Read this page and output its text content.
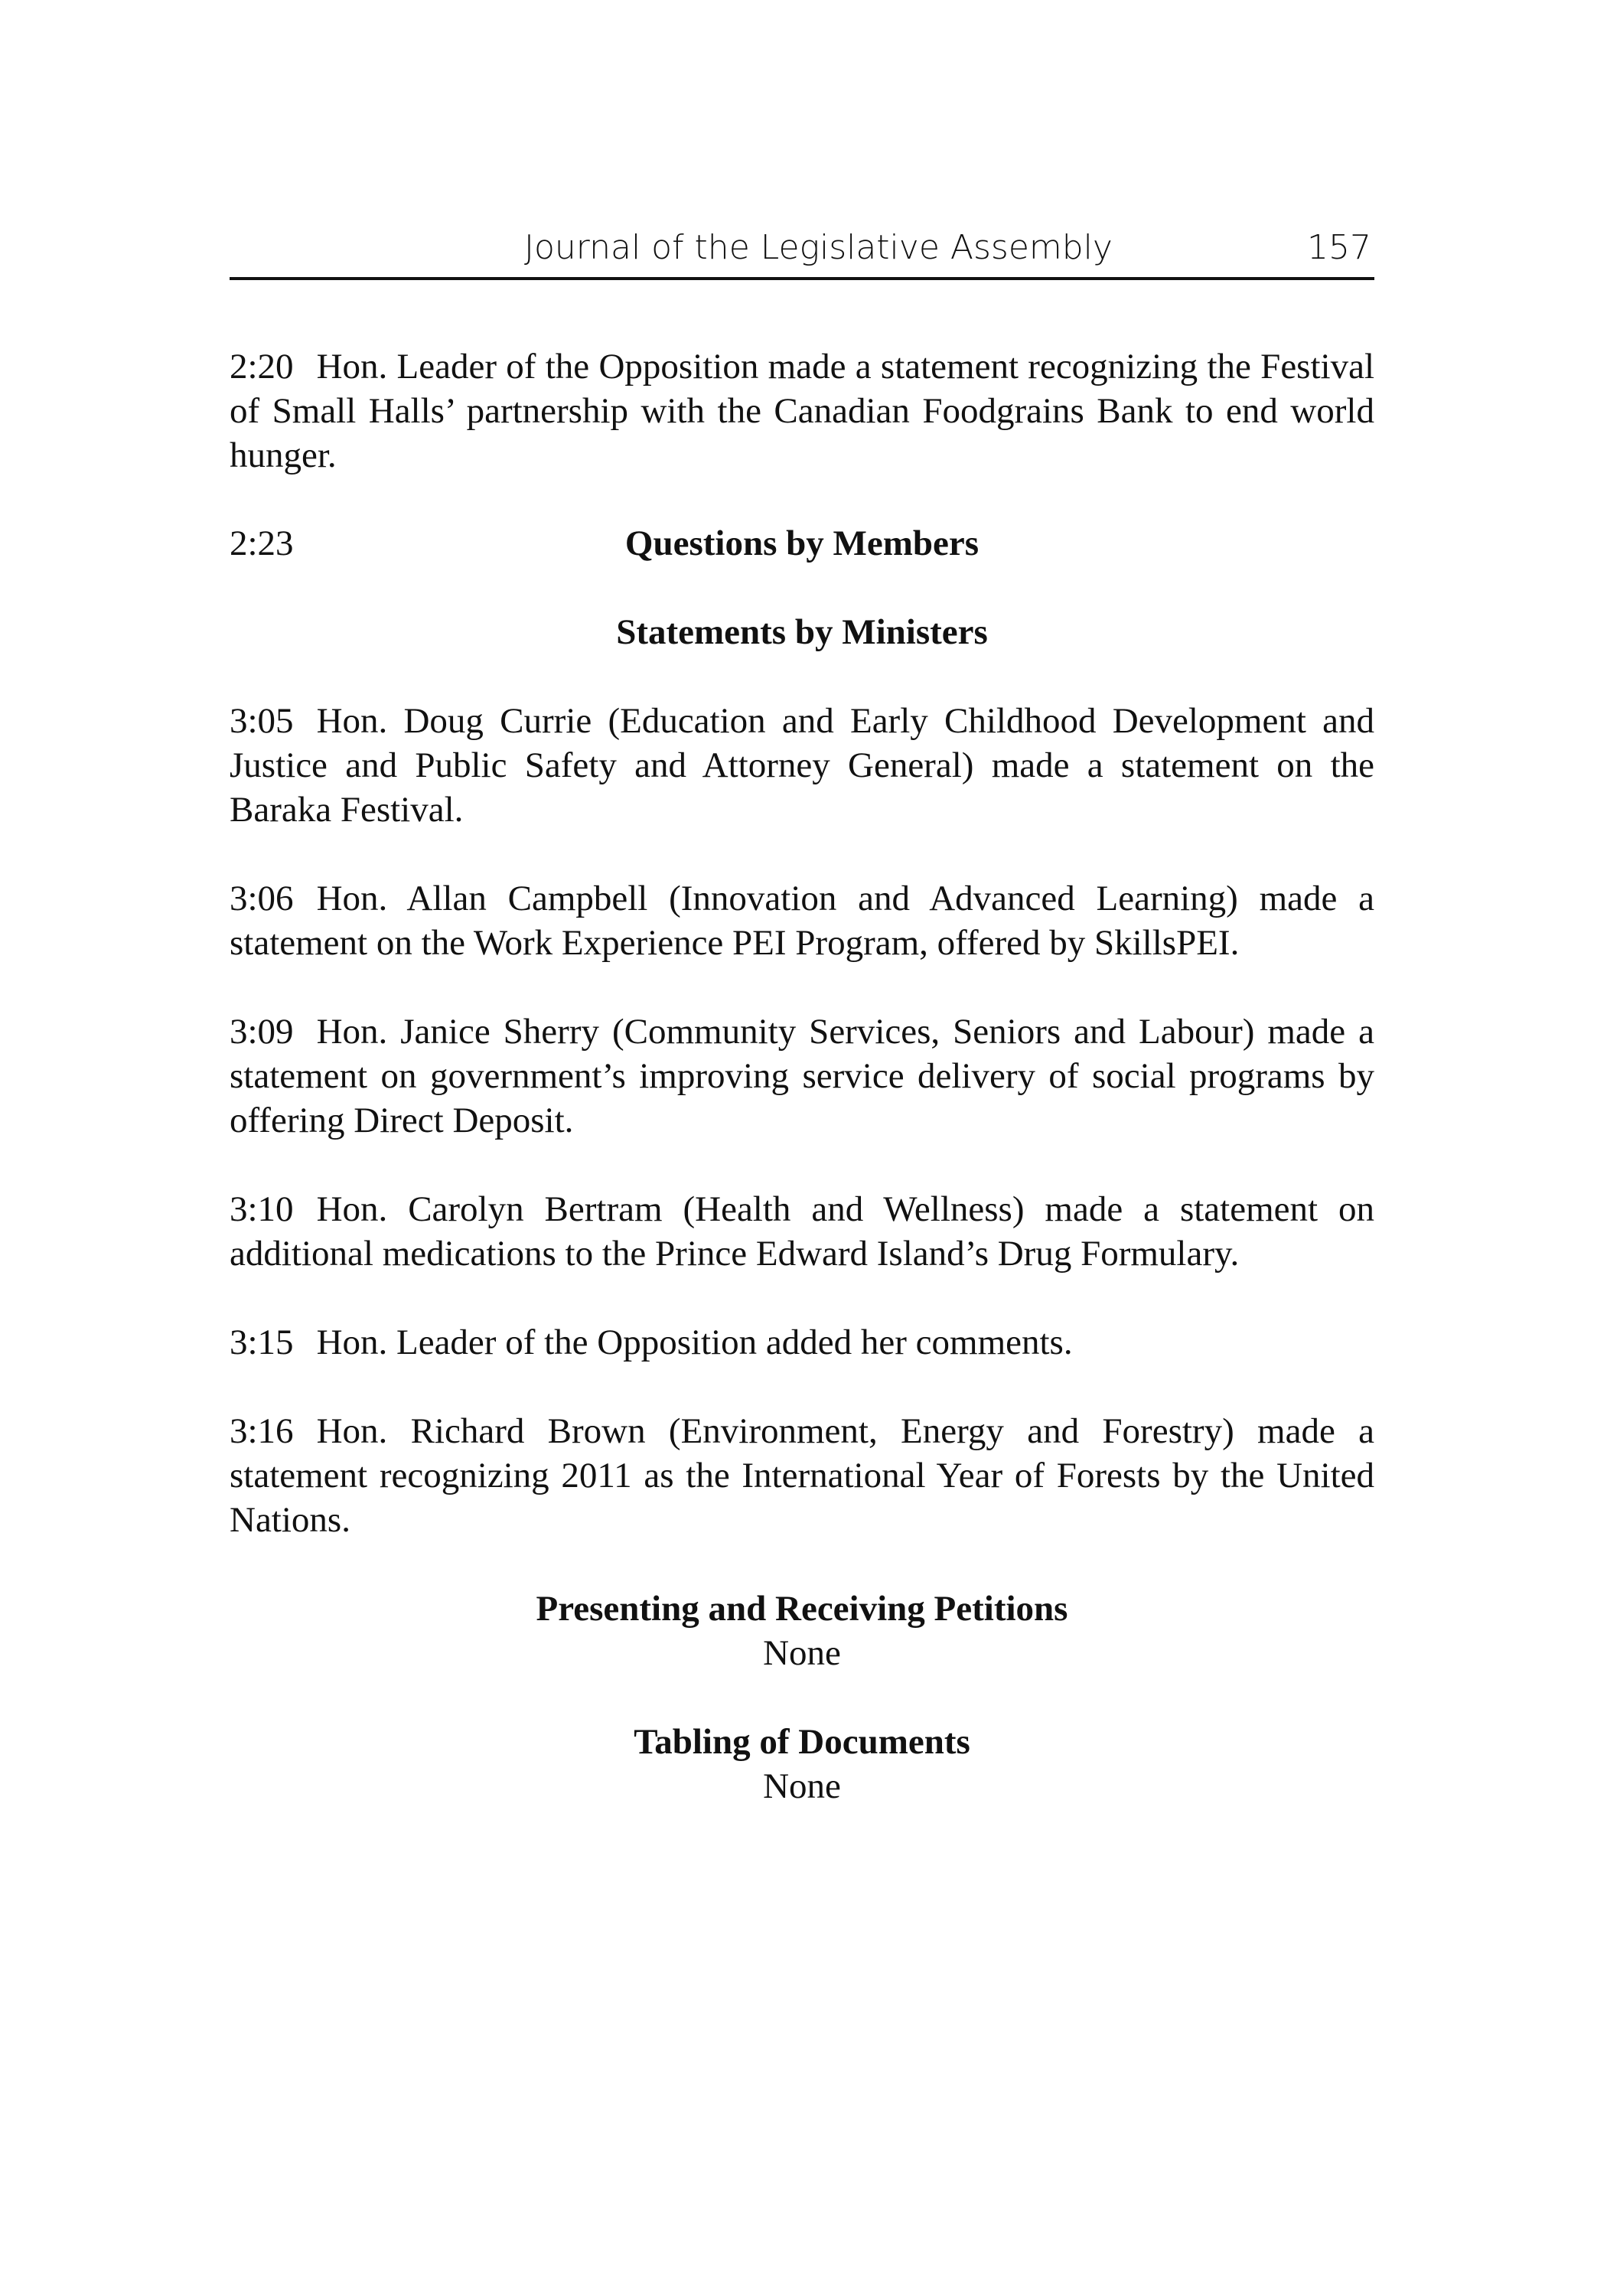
Journal of the Legislative Assembly	157

2:20 Hon. Leader of the Opposition made a statement recognizing the Festival of Small Halls’ partnership with the Canadian Foodgrains Bank to end world hunger.

2:23	Questions by Members
Statements by Ministers

3:05 Hon. Doug Currie (Education and Early Childhood Development and Justice and Public Safety and Attorney General) made a statement on the Baraka Festival.

3:06 Hon. Allan Campbell (Innovation and Advanced Learning) made a statement on the Work Experience PEI Program, offered by SkillsPEI.

3:09 Hon. Janice Sherry (Community Services, Seniors and Labour) made a statement on government’s improving service delivery of social programs by offering Direct Deposit.

3:10 Hon. Carolyn Bertram (Health and Wellness) made a statement on additional medications to the Prince Edward Island’s Drug Formulary.

3:15 Hon. Leader of the Opposition added her comments.

3:16 Hon. Richard Brown (Environment, Energy and Forestry) made a statement recognizing 2011 as the International Year of Forests by the United Nations.

Presenting and Receiving Petitions
None
Tabling of Documents
None
